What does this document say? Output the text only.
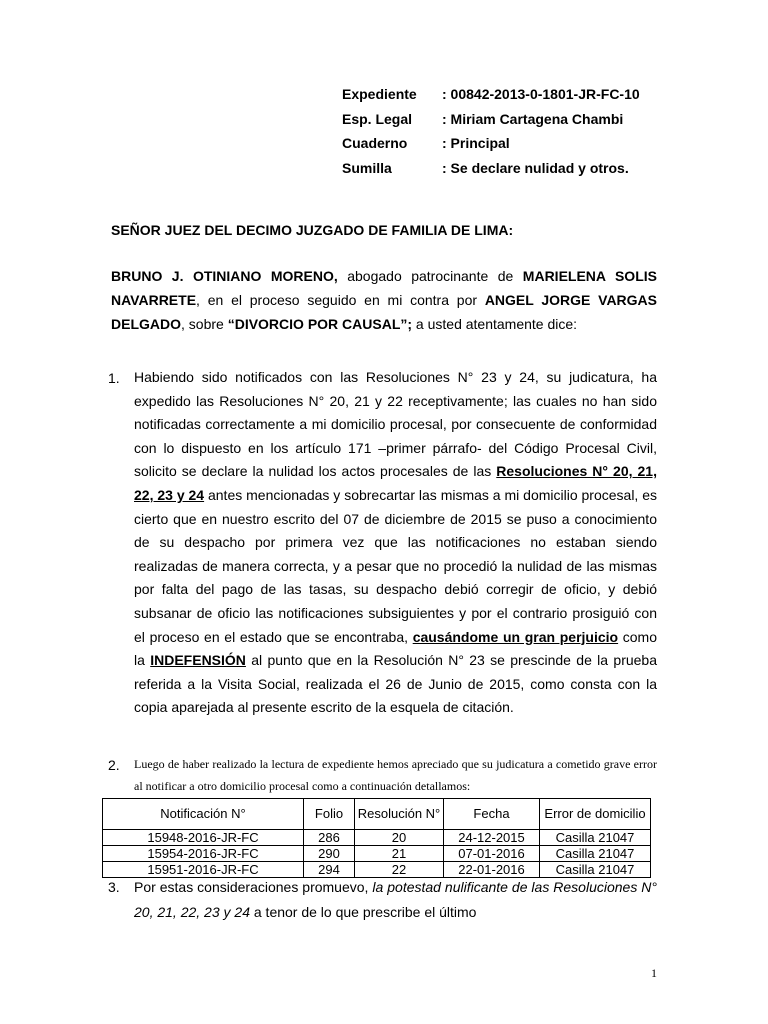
Expediente : 00842-2013-0-1801-JR-FC-10
Esp. Legal : Miriam Cartagena Chambi
Cuaderno : Principal
Sumilla	: Se declare nulidad y otros.
SEÑOR JUEZ DEL DECIMO JUZGADO DE FAMILIA DE LIMA:
BRUNO J. OTINIANO MORENO, abogado patrocinante de MARIELENA SOLIS NAVARRETE, en el proceso seguido en mi contra por ANGEL JORGE VARGAS DELGADO, sobre “DIVORCIO POR CAUSAL”; a usted atentamente dice:
1. Habiendo sido notificados con las Resoluciones N° 23 y 24, su judicatura, ha expedido las Resoluciones N° 20, 21 y 22 receptivamente; las cuales no han sido notificadas correctamente a mi domicilio procesal, por consecuente de conformidad con lo dispuesto en los artículo 171 –primer párrafo- del Código Procesal Civil, solicito se declare la nulidad los actos procesales de las Resoluciones N° 20, 21, 22, 23 y 24 antes mencionadas y sobrecartar las mismas a mi domicilio procesal, es cierto que en nuestro escrito del 07 de diciembre de 2015 se puso a conocimiento de su despacho por primera vez que las notificaciones no estaban siendo realizadas de manera correcta, y a pesar que no procedió la nulidad de las mismas por falta del pago de las tasas, su despacho debió corregir de oficio, y debió subsanar de oficio las notificaciones subsiguientes y por el contrario prosiguió con el proceso en el estado que se encontraba, causándome un gran perjuicio como la INDEFENSIÓN al punto que en la Resolución N° 23 se prescinde de la prueba referida a la Visita Social, realizada el 26 de Junio de 2015, como consta con la copia aparejada al presente escrito de la esquela de citación.
2. Luego de haber realizado la lectura de expediente hemos apreciado que su judicatura a cometido grave error al notificar a otro domicilio procesal como a continuación detallamos:
Notificación N°	Folio	Resolución N°	Fecha	Error de domicilio
15948-2016-JR-FC	286	20	24-12-2015	Casilla 21047
15954-2016-JR-FC	290	21	07-01-2016	Casilla 21047
15951-2016-JR-FC	294	22	22-01-2016	Casilla 21047
3. Por estas consideraciones promuevo, la potestad nulificante de las Resoluciones N° 20, 21, 22, 23 y 24 a tenor de lo que prescribe el último
1
